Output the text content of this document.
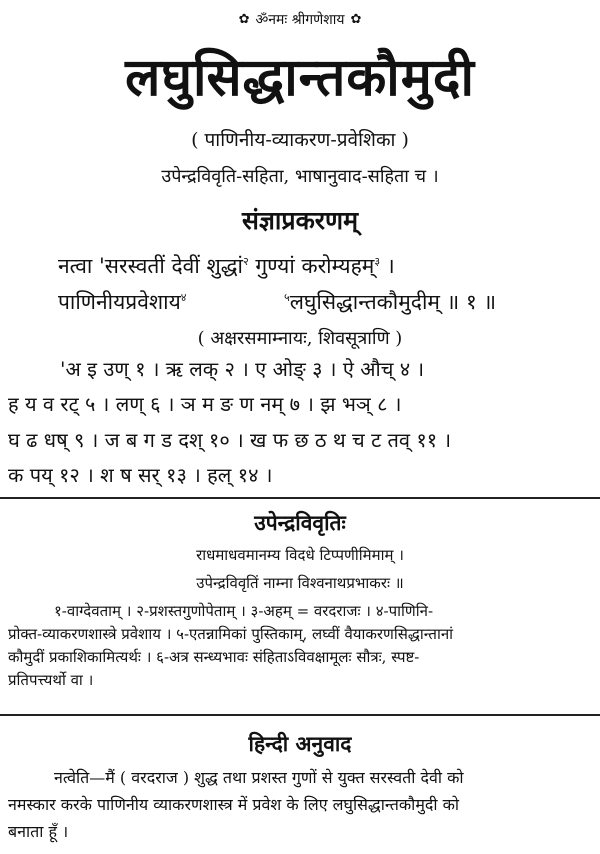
✿ ॐनमः श्रीगणेशाय ✿
लघुसिद्धान्तकौमुदी
( पाणिनीय-व्याकरण-प्रवेशिका )
उपेन्द्रविवृति-सहिता, भाषानुवाद-सहिता च ।
संज्ञाप्रकरणम्
नत्वा 'सरस्वतीं देवीं शुद्धां$^२$ गुण्यां करोम्यहम्$^३$ ।
पाणिनीयप्रवेशाय$^४$	$^५$लघुसिद्धान्तकौमुदीम् ॥ १ ॥
( अक्षरसमाम्नायः, शिवसूत्राणि )
'अ इ उण् १ । ऋ लक् २ । ए ओङ् ३ । ऐ औच् ४ ।
ह य व रट् ५ । लण् ६ । ञ म ङ ण नम् ७ । झ भञ् ८ ।
घ ढ धष् ९ । ज ब ग ड दश् १० । ख फ छ ठ थ च ट तव् ११ ।
क पय् १२ । श ष सर् १३ । हल् १४ ।
उपेन्द्रविवृतिः
राधमाधवमानम्य विदधे टिप्पणीमिमाम् ।
उपेन्द्रविवृतिं नाम्ना विश्वनाथप्रभाकरः ॥
१-वाग्देवताम् । २-प्रशस्तगुणोपेताम् । ३-अहम् = वरदराजः । ४-पाणिनि-
प्रोक्त-व्याकरणशास्त्रे प्रवेशाय । ५-एतन्नामिकां पुस्तिकाम्, लघ्वीं वैयाकरणसिद्धान्तानां
कौमुदीं प्रकाशिकामित्यर्थः । ६-अत्र सन्ध्यभावः संहिताऽविवक्षामूलः सौत्रः, स्पष्ट-
प्रतिपत्त्यर्थो वा ।
हिन्दी अनुवाद
नत्वेति—मैं ( वरदराज ) शुद्ध तथा प्रशस्त गुणों से युक्त सरस्वती देवी को
नमस्कार करके पाणिनीय व्याकरणशास्त्र में प्रवेश के लिए लघुसिद्धान्तकौमुदी को
बनाता हूँ ।
